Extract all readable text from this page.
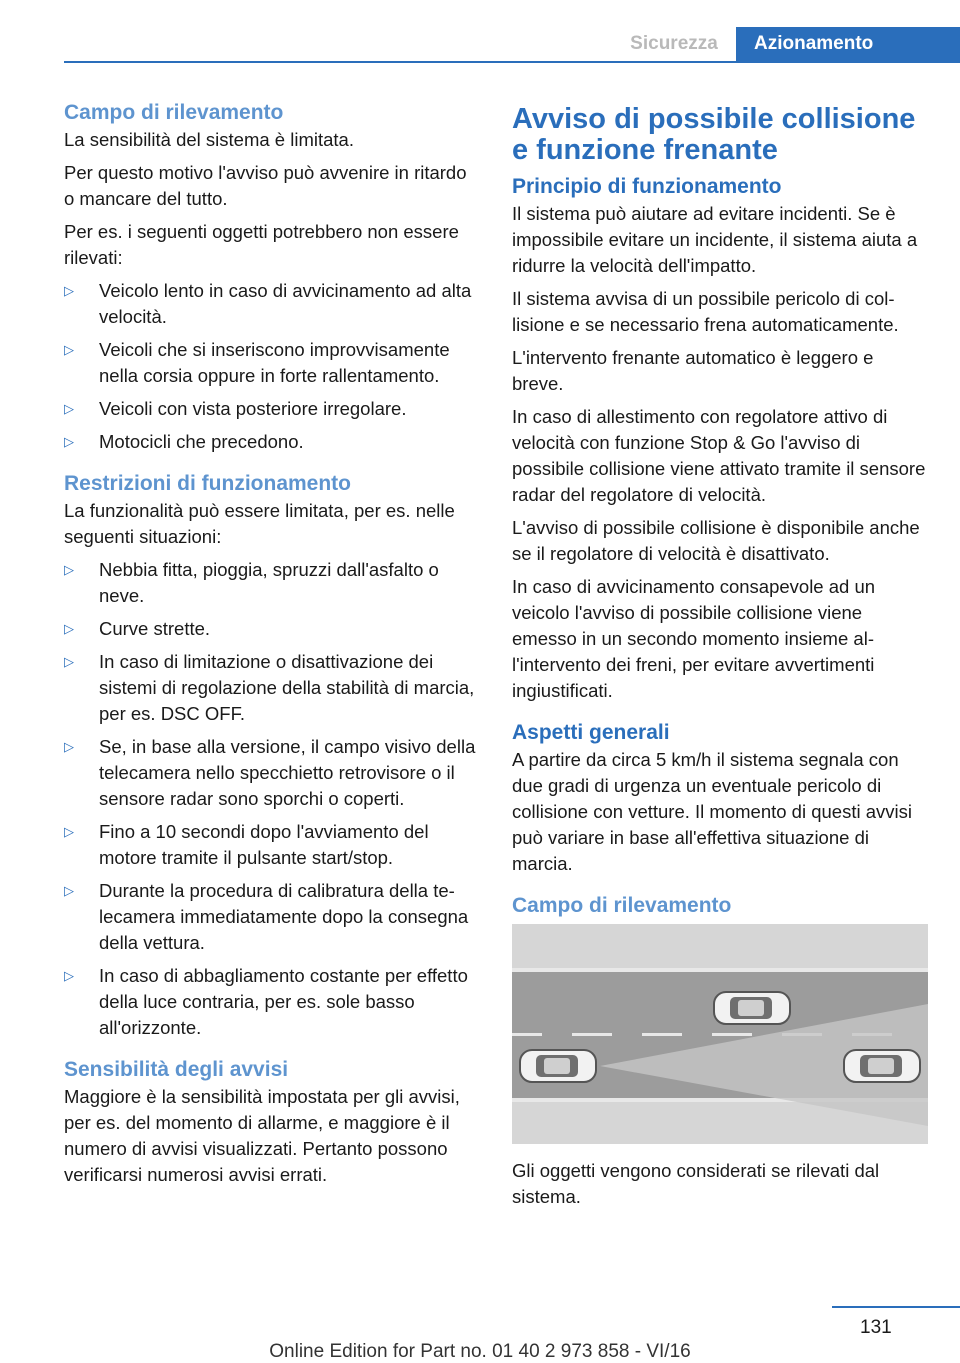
Sicurezza	Azionamento
Campo di rilevamento

La sensibilità del sistema è limitata.

Per questo motivo l'avviso può avvenire in ritardo o mancare del tutto.

Per es. i seguenti oggetti potrebbero non essere rilevati:

▷ Veicolo lento in caso di avvicinamento ad alta velocità.
▷ Veicoli che si inseriscono improvvisamente nella corsia oppure in forte rallentamento.
▷ Veicoli con vista posteriore irregolare.
▷ Motocicli che precedono.
Restrizioni di funzionamento

La funzionalità può essere limitata, per es. nelle seguenti situazioni:

▷ Nebbia fitta, pioggia, spruzzi dall'asfalto o neve.
▷ Curve strette.
▷ In caso di limitazione o disattivazione dei sistemi di regolazione della stabilità di marcia, per es. DSC OFF.
▷ Se, in base alla versione, il campo visivo della telecamera nello specchietto retrovisore o il sensore radar sono sporchi o coperti.
▷ Fino a 10 secondi dopo l'avviamento del motore tramite il pulsante start/stop.
▷ Durante la procedura di calibratura della telecamera immediatamente dopo la consegna della vettura.
▷ In caso di abbagliamento costante per effetto della luce contraria, per es. sole basso all'orizzonte.
Sensibilità degli avvisi

Maggiore è la sensibilità impostata per gli avvisi, per es. del momento di allarme, e maggiore è il numero di avvisi visualizzati. Pertanto possono verificarsi numerosi avvisi errati.

Avviso di possibile collisione e funzione frenante
Principio di funzionamento

Il sistema può aiutare ad evitare incidenti. Se è impossibile evitare un incidente, il sistema aiuta a ridurre la velocità dell'impatto.

Il sistema avvisa di un possibile pericolo di collisione e se necessario frena automaticamente.

L'intervento frenante automatico è leggero e breve.

In caso di allestimento con regolatore attivo di velocità con funzione Stop & Go l'avviso di possibile collisione viene attivato tramite il sensore radar del regolatore di velocità.

L'avviso di possibile collisione è disponibile anche se il regolatore di velocità è disattivato.

In caso di avvicinamento consapevole ad un veicolo l'avviso di possibile collisione viene emesso in un secondo momento insieme all'intervento dei freni, per evitare avvertimenti ingiustificati.

Aspetti generali

A partire da circa 5 km/h il sistema segnala con due gradi di urgenza un eventuale pericolo di collisione con vetture. Il momento di questi avvisi può variare in base all'effettiva situazione di marcia.

Campo di rilevamento

Gli oggetti vengono considerati se rilevati dal sistema.

131
Online Edition for Part no. 01 40 2 973 858 - VI/16
